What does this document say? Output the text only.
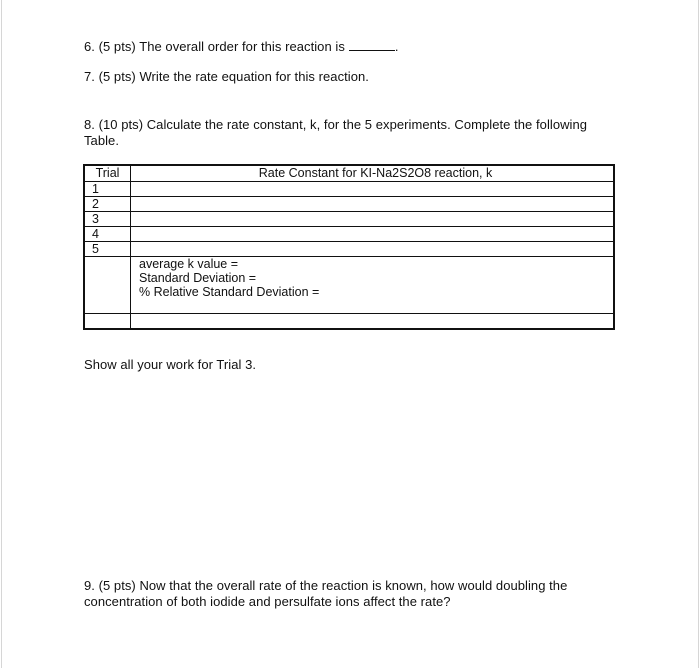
6. (5 pts) The overall order for this reaction is	.

7. (5 pts) Write the rate equation for this reaction.

8. (10 pts) Calculate the rate constant, k, for the 5 experiments. Complete the following
Table.

Trial	Rate Constant for KI-Na2S2O8 reaction, k
1	
2	
3	
4	
5	
	average k value =
	Standard Deviation =
	% Relative Standard Deviation =

Show all your work for Trial 3.

9. (5 pts) Now that the overall rate of the reaction is known, how would doubling the
concentration of both iodide and persulfate ions affect the rate?
